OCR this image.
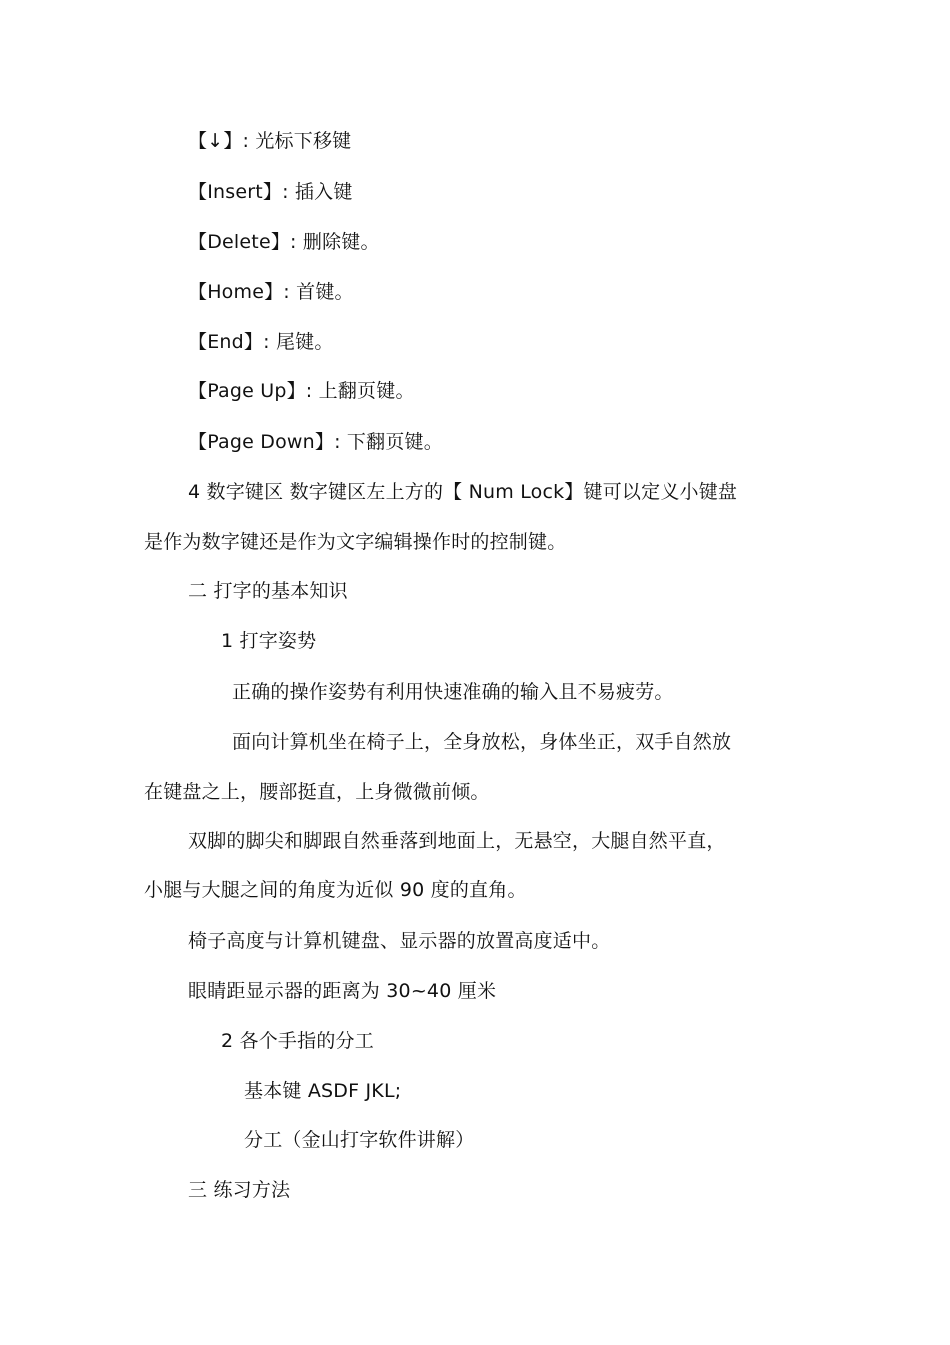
【↓】: 光标下移键
【Insert】: 插入键
【Delete】: 删除键。
【Home】: 首键。
【End】: 尾键。
【Page Up】: 上翻页键。
【Page Down】: 下翻页键。
4 数字键区 数字键区左上方的【 Num Lock】键可以定义小键盘
是作为数字键还是作为文字编辑操作时的控制键。
二 打字的基本知识
1 打字姿势
正确的操作姿势有利用快速准确的输入且不易疲劳。
面向计算机坐在椅子上，全身放松，身体坐正，双手自然放
在键盘之上，腰部挺直，上身微微前倾。
双脚的脚尖和脚跟自然垂落到地面上，无悬空，大腿自然平直，
小腿与大腿之间的角度为近似 90 度的直角。
椅子高度与计算机键盘、显示器的放置高度适中。
眼睛距显示器的距离为 30~40 厘米
2 各个手指的分工
基本键 ASDF JKL;
分工（金山打字软件讲解）
三 练习方法
